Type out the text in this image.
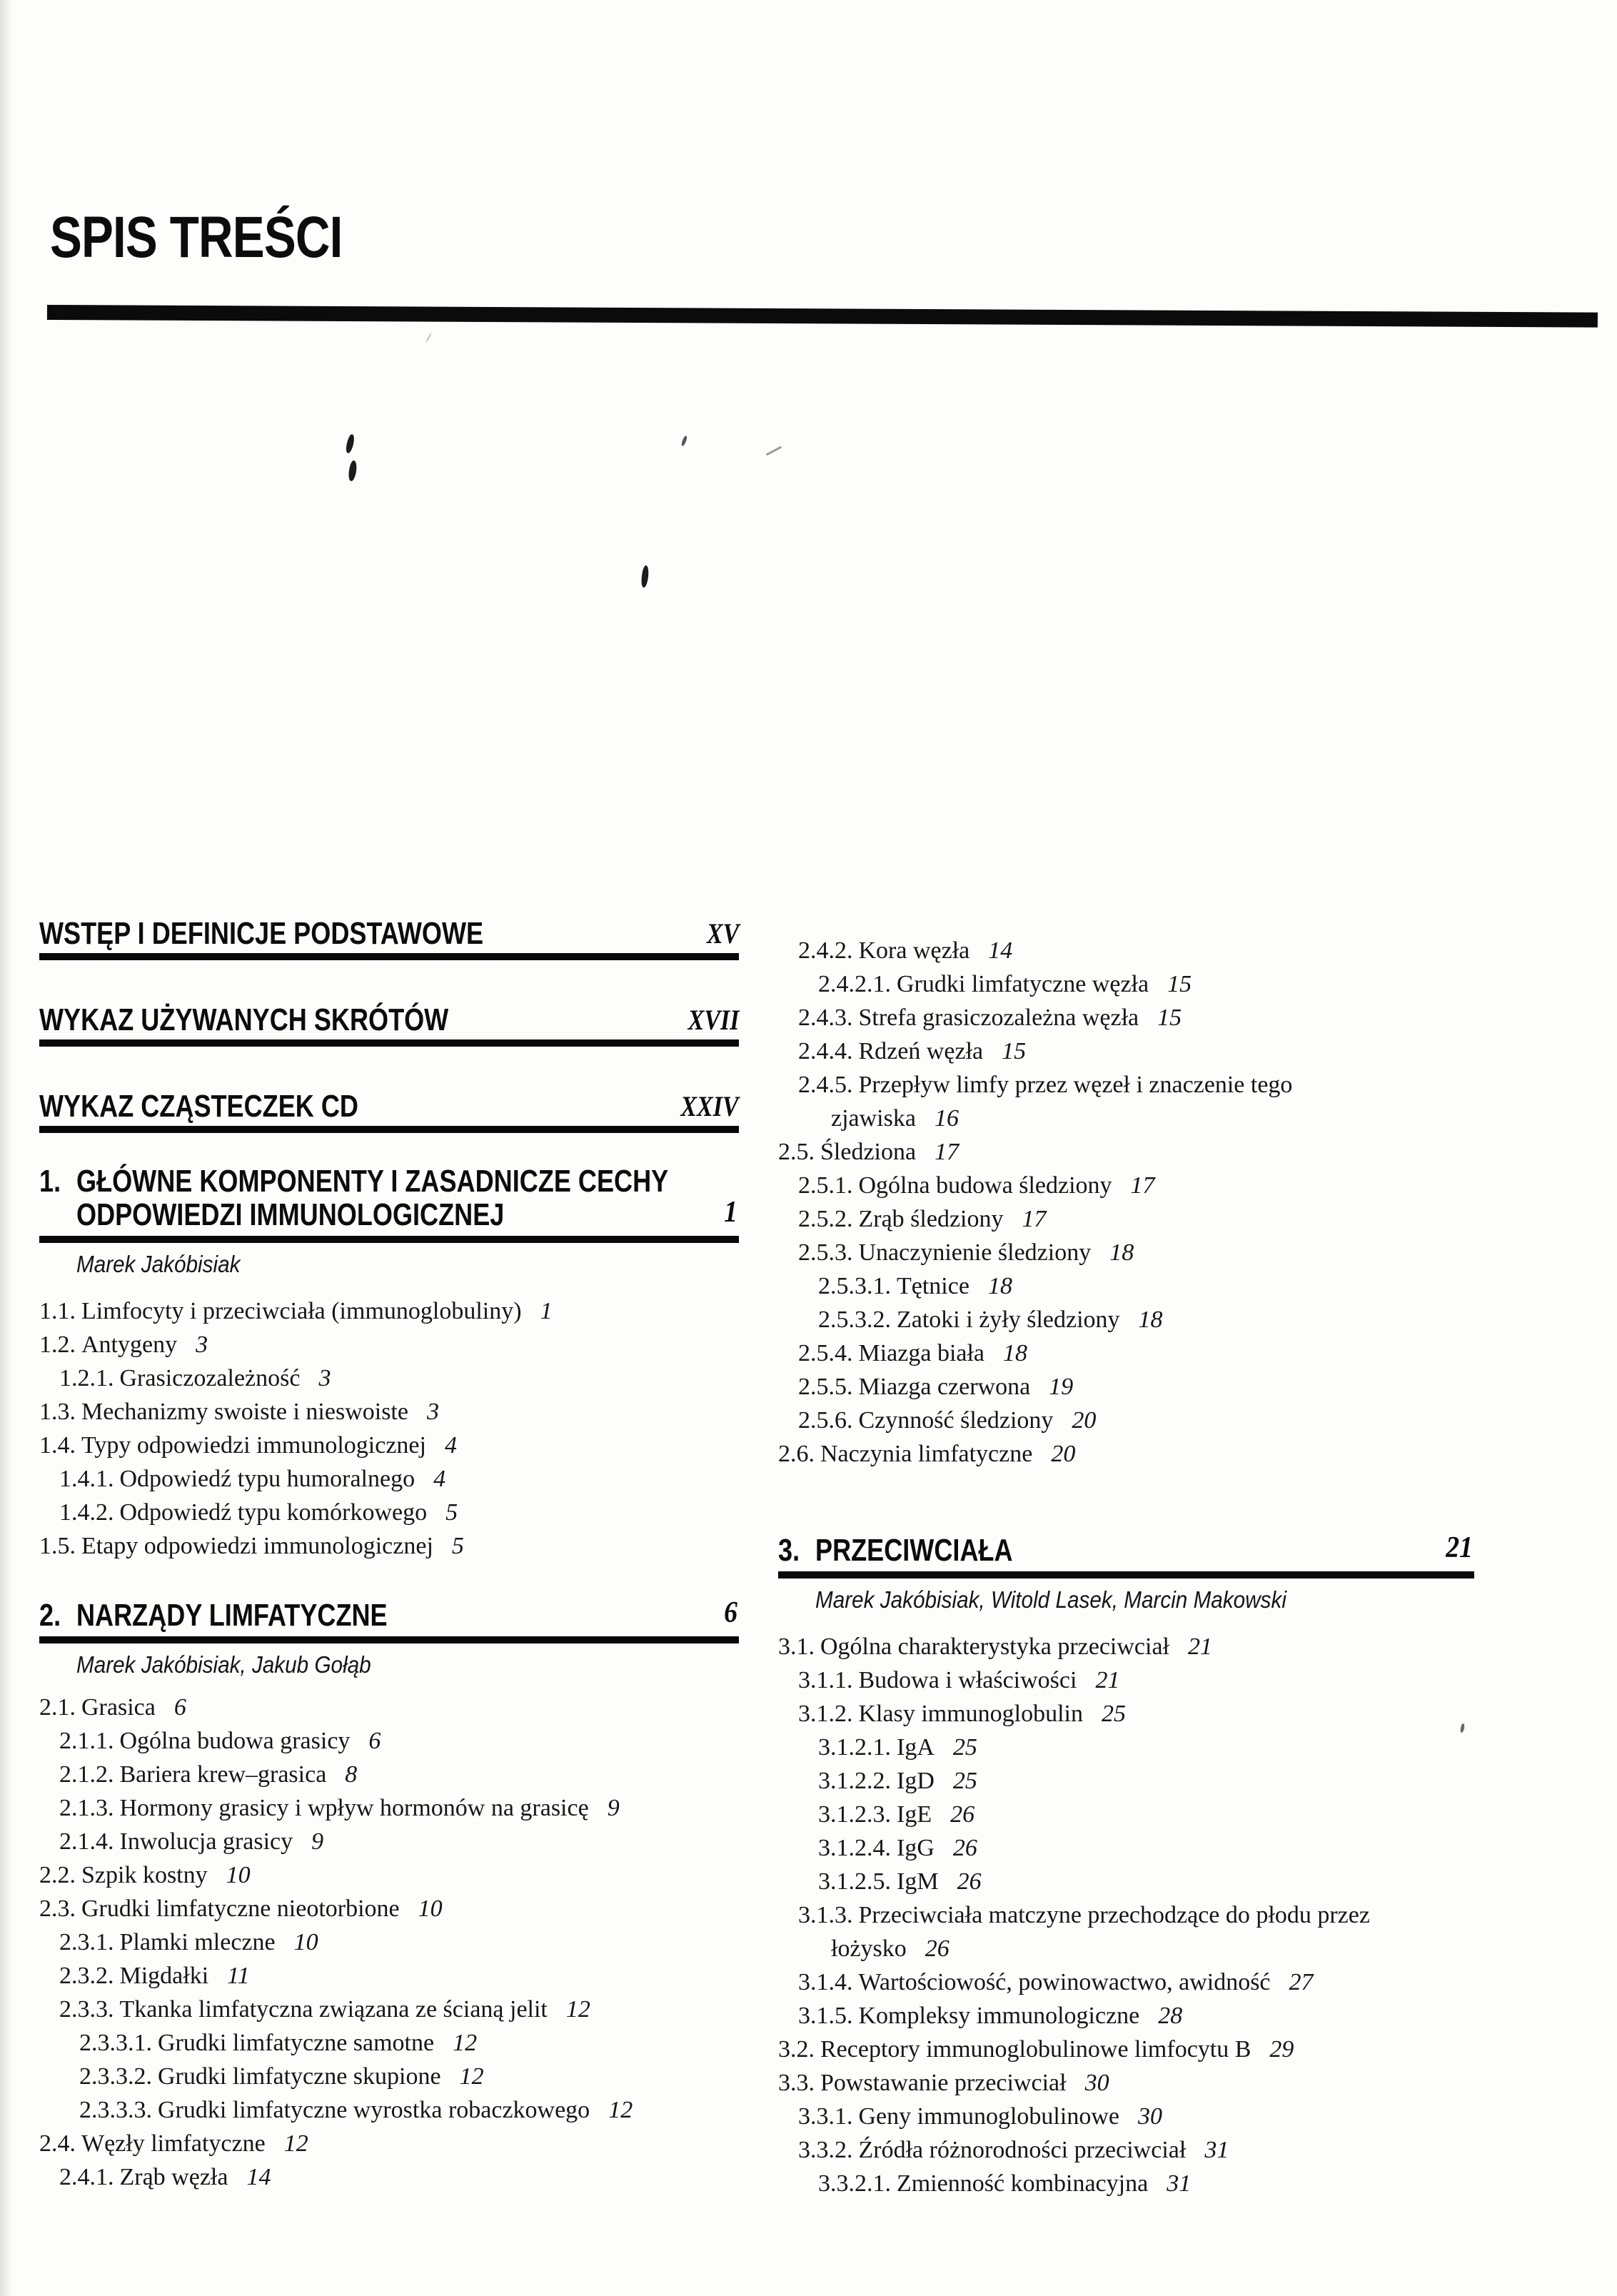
SPIS TREŚCI
WSTĘP I DEFINICJE PODSTAWOWE	XV
WYKAZ UŻYWANYCH SKRÓTÓW	XVII
WYKAZ CZĄSTECZEK CD	XXIV
1. GŁÓWNE KOMPONENTY I ZASADNICZE CECHY
ODPOWIEDZI IMMUNOLOGICZNEJ	1
Marek Jakóbisiak
1.1. Limfocyty i przeciwciała (immunoglobuliny) 1
1.2. Antygeny 3
1.2.1. Grasiczozależność 3
1.3. Mechanizmy swoiste i nieswoiste 3
1.4. Typy odpowiedzi immunologicznej 4
1.4.1. Odpowiedź typu humoralnego 4
1.4.2. Odpowiedź typu komórkowego 5
1.5. Etapy odpowiedzi immunologicznej 5
2. NARZĄDY LIMFATYCZNE	6
Marek Jakóbisiak, Jakub Gołąb
2.1. Grasica 6
2.1.1. Ogólna budowa grasicy 6
2.1.2. Bariera krew–grasica 8
2.1.3. Hormony grasicy i wpływ hormonów na grasicę 9
2.1.4. Inwolucja grasicy 9
2.2. Szpik kostny 10
2.3. Grudki limfatyczne nieotorbione 10
2.3.1. Plamki mleczne 10
2.3.2. Migdałki 11
2.3.3. Tkanka limfatyczna związana ze ścianą jelit 12
2.3.3.1. Grudki limfatyczne samotne 12
2.3.3.2. Grudki limfatyczne skupione 12
2.3.3.3. Grudki limfatyczne wyrostka robaczkowego 12
2.4. Węzły limfatyczne 12
2.4.1. Zrąb węzła 14
2.4.2. Kora węzła 14
2.4.2.1. Grudki limfatyczne węzła 15
2.4.3. Strefa grasiczozależna węzła 15
2.4.4. Rdzeń węzła 15
2.4.5. Przepływ limfy przez węzeł i znaczenie tego
zjawiska 16
2.5. Śledziona 17
2.5.1. Ogólna budowa śledziony 17
2.5.2. Zrąb śledziony 17
2.5.3. Unaczynienie śledziony 18
2.5.3.1. Tętnice 18
2.5.3.2. Zatoki i żyły śledziony 18
2.5.4. Miazga biała 18
2.5.5. Miazga czerwona 19
2.5.6. Czynność śledziony 20
2.6. Naczynia limfatyczne 20
3. PRZECIWCIAŁA	21
Marek Jakóbisiak, Witold Lasek, Marcin Makowski
3.1. Ogólna charakterystyka przeciwciał 21
3.1.1. Budowa i właściwości 21
3.1.2. Klasy immunoglobulin 25
3.1.2.1. IgA 25
3.1.2.2. IgD 25
3.1.2.3. IgE 26
3.1.2.4. IgG 26
3.1.2.5. IgM 26
3.1.3. Przeciwciała matczyne przechodzące do płodu przez
łożysko 26
3.1.4. Wartościowość, powinowactwo, awidność 27
3.1.5. Kompleksy immunologiczne 28
3.2. Receptory immunoglobulinowe limfocytu B 29
3.3. Powstawanie przeciwciał 30
3.3.1. Geny immunoglobulinowe 30
3.3.2. Źródła różnorodności przeciwciał 31
3.3.2.1. Zmienność kombinacyjna 31
